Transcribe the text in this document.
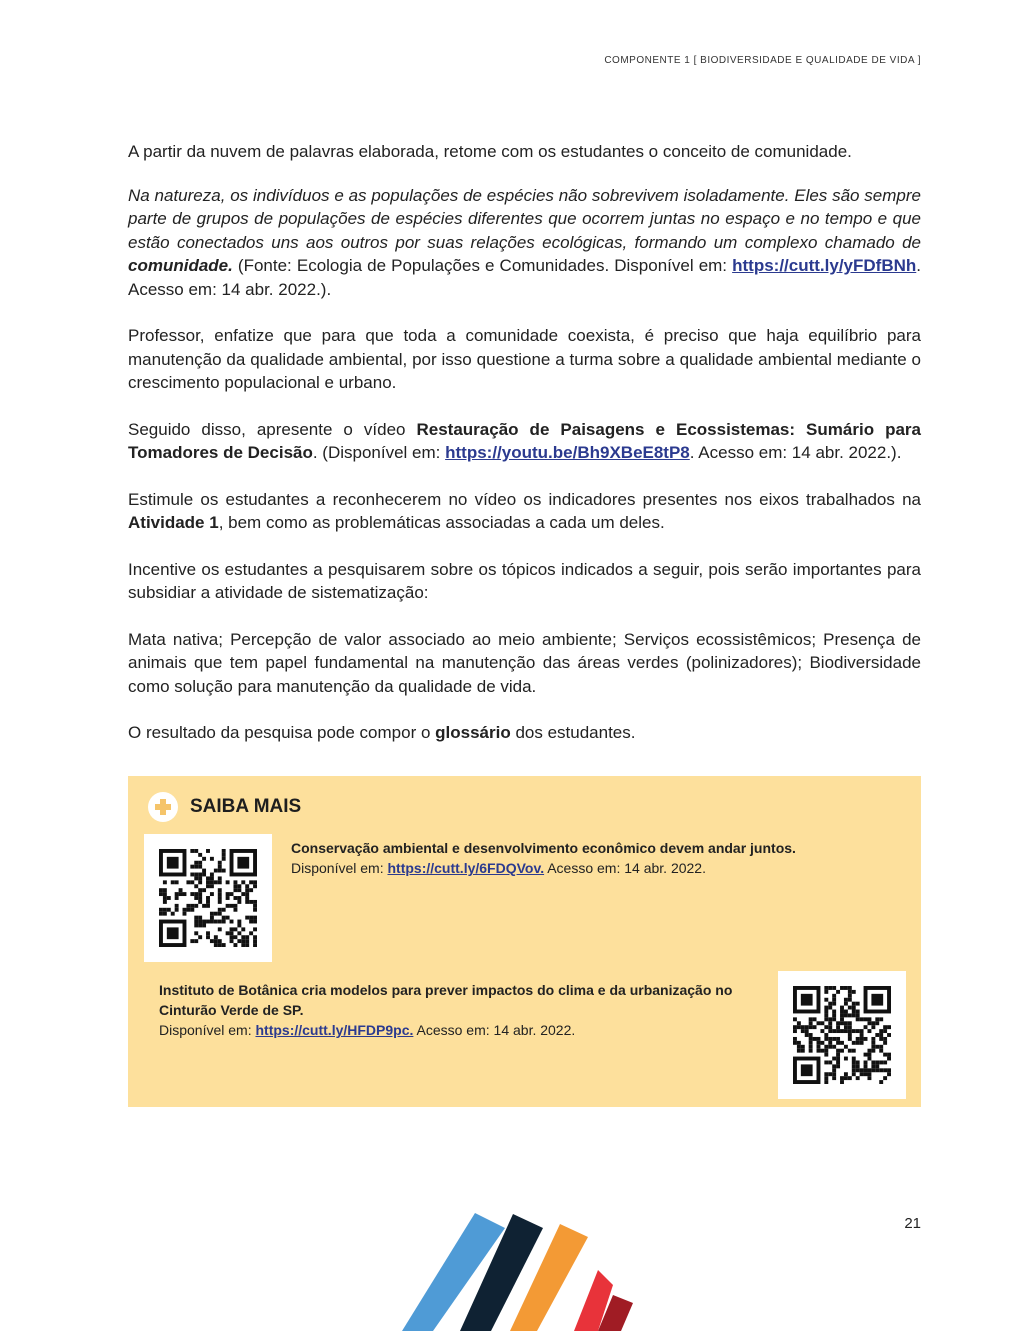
COMPONENTE 1 [ BIODIVERSIDADE E QUALIDADE DE VIDA ]

A partir da nuvem de palavras elaborada, retome com os estudantes o conceito de comunidade.

Na natureza, os indivíduos e as populações de espécies não sobrevivem isoladamente. Eles são sempre parte de grupos de populações de espécies diferentes que ocorrem juntas no espaço e no tempo e que estão conectados uns aos outros por suas relações ecológicas, formando um complexo chamado de comunidade. (Fonte: Ecologia de Populações e Comunidades. Disponível em: https://cutt.ly/yFDfBNh. Acesso em: 14 abr. 2022.).

Professor, enfatize que para que toda a comunidade coexista, é preciso que haja equilíbrio para manutenção da qualidade ambiental, por isso questione a turma sobre a qualidade ambiental mediante o crescimento populacional e urbano.

Seguido disso, apresente o vídeo Restauração de Paisagens e Ecossistemas: Sumário para Tomadores de Decisão. (Disponível em: https://youtu.be/Bh9XBeE8tP8. Acesso em: 14 abr. 2022.).

Estimule os estudantes a reconhecerem no vídeo os indicadores presentes nos eixos trabalhados na Atividade 1, bem como as problemáticas associadas a cada um deles.

Incentive os estudantes a pesquisarem sobre os tópicos indicados a seguir, pois serão importantes para subsidiar a atividade de sistematização:

Mata nativa; Percepção de valor associado ao meio ambiente; Serviços ecossistêmicos; Presença de animais que tem papel fundamental na manutenção das áreas verdes (polinizadores); Biodiversidade como solução para manutenção da qualidade de vida.

O resultado da pesquisa pode compor o glossário dos estudantes.

SAIBA MAIS
Conservação ambiental e desenvolvimento econômico devem andar juntos.
Disponível em: https://cutt.ly/6FDQVov. Acesso em: 14 abr. 2022.
Instituto de Botânica cria modelos para prever impactos do clima e da urbanização no Cinturão Verde de SP.
Disponível em: https://cutt.ly/HFDP9pc. Acesso em: 14 abr. 2022.
21
